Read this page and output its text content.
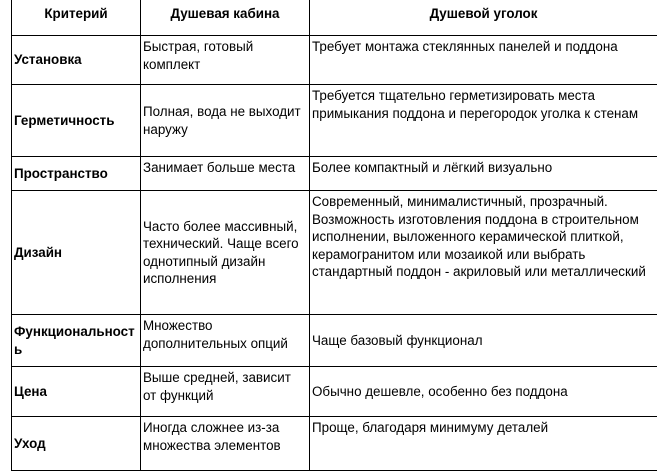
Критерий	Душевая кабина	Душевой уголок
Установка	Быстрая, готовый комплект	Требует монтажа стеклянных панелей и поддона
Герметичность	Полная, вода не выходит наружу	Требуется тщательно герметизировать места примыкания поддона и перегородок уголка к стенам
Пространство	Занимает больше места	Более компактный и лёгкий визуально
Дизайн	Часто более массивный, технический. Чаще всего однотипный дизайн исполнения	Современный, минималистичный, прозрачный. Возможность изготовления поддона в строительном исполнении, выложенного керамической плиткой, керамогранитом или мозаикой или выбрать стандартный поддон - акриловый или металлический
Функциональность	Множество дополнительных опций	Чаще базовый функционал
Цена	Выше средней, зависит от функций	Обычно дешевле, особенно без поддона
Уход	Иногда сложнее из-за множества элементов	Проще, благодаря минимуму деталей
